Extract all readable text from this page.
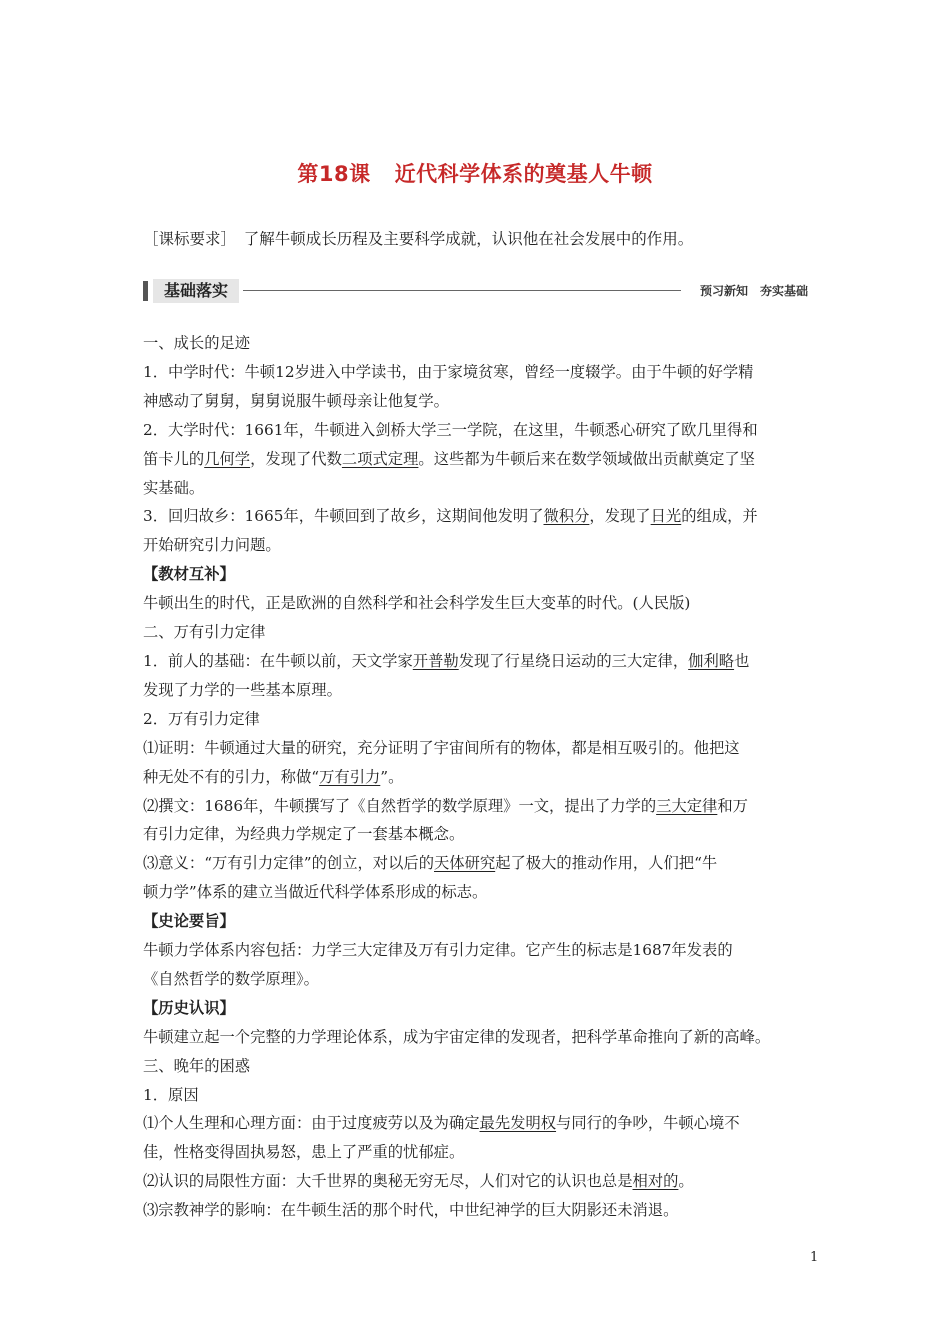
第18课 近代科学体系的奠基人牛顿
［课标要求］　了解牛顿成长历程及主要科学成就，认识他在社会发展中的作用。
基础落实	预习新知　夯实基础

一、成长的足迹

1．中学时代：牛顿12岁进入中学读书，由于家境贫寒，曾经一度辍学。由于牛顿的好学精

神感动了舅舅，舅舅说服牛顿母亲让他复学。

2．大学时代：1661年，牛顿进入剑桥大学三一学院，在这里，牛顿悉心研究了欧几里得和

笛卡儿的几何学，发现了代数二项式定理。这些都为牛顿后来在数学领域做出贡献奠定了坚

实基础。

3．回归故乡：1665年，牛顿回到了故乡，这期间他发明了微积分，发现了日光的组成，并

开始研究引力问题。

【教材互补】

牛顿出生的时代，正是欧洲的自然科学和社会科学发生巨大变革的时代。(人民版)

二、万有引力定律

1．前人的基础：在牛顿以前，天文学家开普勒发现了行星绕日运动的三大定律，伽利略也

发现了力学的一些基本原理。

2．万有引力定律

⑴证明：牛顿通过大量的研究，充分证明了宇宙间所有的物体，都是相互吸引的。他把这

种无处不有的引力，称做“万有引力”。

⑵撰文：1686年，牛顿撰写了《自然哲学的数学原理》一文，提出了力学的三大定律和万

有引力定律，为经典力学规定了一套基本概念。

⑶意义：“万有引力定律”的创立，对以后的天体研究起了极大的推动作用，人们把“牛

顿力学”体系的建立当做近代科学体系形成的标志。

【史论要旨】

牛顿力学体系内容包括：力学三大定律及万有引力定律。它产生的标志是1687年发表的

《自然哲学的数学原理》。

【历史认识】

牛顿建立起一个完整的力学理论体系，成为宇宙定律的发现者，把科学革命推向了新的高峰。

三、晚年的困惑

1．原因

⑴个人生理和心理方面：由于过度疲劳以及为确定最先发明权与同行的争吵，牛顿心境不

佳，性格变得固执易怒，患上了严重的忧郁症。

⑵认识的局限性方面：大千世界的奥秘无穷无尽，人们对它的认识也总是相对的。

⑶宗教神学的影响：在牛顿生活的那个时代，中世纪神学的巨大阴影还未消退。

1
